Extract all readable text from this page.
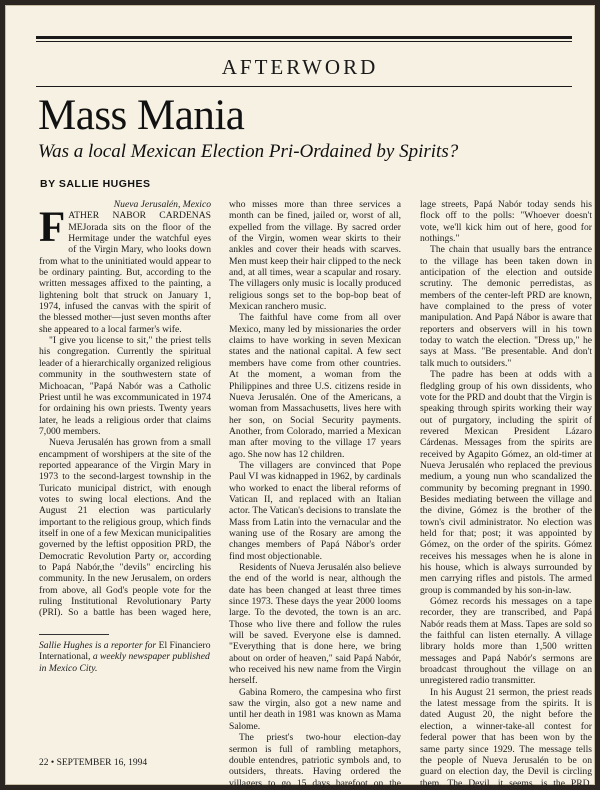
AFTERWORD
Mass Mania
Was a local Mexican Election Pri-Ordained by Spirits?
BY SALLIE HUGHES
Nueva Jerusalén, Mexico

FATHER NABOR CARDENAS MEJorada sits on the floor of the Hermitage under the watchful eyes of the Virgin Mary, who looks down from what to the uninitiated would appear to be ordinary painting. But, according to the written messages affixed to the painting, a lightening bolt that struck on January 1, 1974, infused the canvas with the spirit of the blessed mother—just seven months after she appeared to a local farmer's wife.

"I give you license to sit," the priest tells his congregation. Currently the spiritual leader of a hierarchically organized religious community in the southwestern state of Michoacan, "Papá Nabór was a Catholic Priest until he was excommunicated in 1974 for ordaining his own priests. Twenty years later, he leads a religious order that claims 7,000 members.

Nueva Jerusalén has grown from a small encampment of worshipers at the site of the reported appearance of the Virgin Mary in 1973 to the second-largest township in the Turicato municipal district, with enough votes to swing local elections. And the August 21 election was particularly important to the religious group, which finds itself in one of a few Mexican municipalities governed by the leftist opposition PRD, the Democratic Revolution Party or, according to Papá Nabór,the "devils" encircling his community. In the new Jerusalem, on orders from above, all God's people vote for the ruling Institutional Revolutionary Party (PRI). So a battle has been waged here,

Sallie Hughes is a reporter for El Financiero International, a weekly newspaper published in Mexico City.

who misses more than three services a month can be fined, jailed or, worst of all, expelled from the village. By sacred order of the Virgin, women wear skirts to their ankles and cover their heads with scarves. Men must keep their hair clipped to the neck and, at all times, wear a scapular and rosary. The villagers only music is locally produced religious songs set to the bop-bop beat of Mexican ranchero music.

The faithful have come from all over Mexico, many led by missionaries the order claims to have working in seven Mexican states and the national capital. A few sect members have come from other countries. At the moment, a woman from the Philippines and three U.S. citizens reside in Nueva Jerusalén. One of the Americans, a woman from Massachusetts, lives here with her son, on Social Security payments. Another, from Colorado, married a Mexican man after moving to the village 17 years ago. She now has 12 children.

The villagers are convinced that Pope Paul VI was kidnapped in 1962, by cardinals who worked to enact the liberal reforms of Vatican II, and replaced with an Italian actor. The Vatican's decisions to translate the Mass from Latin into the vernacular and the waning use of the Rosary are among the changes members of Papá Nábor's order find most objectionable.

Residents of Nueva Jerusalén also believe the end of the world is near, although the date has been changed at least three times since 1973. These days the year 2000 looms large. To the devoted, the town is an arc. Those who live there and follow the rules will be saved. Everyone else is damned. "Everything that is done here, we bring about on order of heaven," said Papá Nabór, who received his new name from the Virgin herself.

Gabina Romero, the campesina who first saw the virgin, also got a new name and until her death in 1981 was known as Mama Salome.

The priest's two-hour election-day sermon is full of rambling metaphors, double entendres, patriotic symbols and, to outsiders, threats. Having ordered the villagers to go 15 days barefoot on the

lage streets, Papá Nabór today sends his flock off to the polls: "Whoever doesn't vote, we'll kick him out of here, good for nothings."

The chain that usually bars the entrance to the village has been taken down in anticipation of the election and outside scrutiny. The demonic perredistas, as members of the center-left PRD are known, have complained to the press of voter manipulation. And Papá Nábor is aware that reporters and observers will in his town today to watch the election. "Dress up," he says at Mass. "Be presentable. And don't talk much to outsiders."

The padre has been at odds with a fledgling group of his own dissidents, who vote for the PRD and doubt that the Virgin is speaking through spirits working their way out of purgatory, including the spirit of revered Mexican President Lázaro Cárdenas. Messages from the spirits are received by Agapito Gómez, an old-timer at Nueva Jerusalén who replaced the previous medium, a young nun who scandalized the community by becoming pregnant in 1990. Besides mediating between the village and the divine, Gómez is the brother of the town's civil administrator. No election was held for that; post; it was appointed by Gómez, on the order of the spirits. Gómez receives his messages when he is alone in his house, which is always surrounded by men carrying rifles and pistols. The armed group is commanded by his son-in-law.

Gómez records his messages on a tape recorder, they are transcribed, and Papá Nabór reads them at Mass. Tapes are sold so the faithful can listen eternally. A village library holds more than 1,500 written messages and Papá Nabór's sermons are broadcast throughout the village on an unregistered radio transmitter.

In his August 21 sermon, the priest reads the latest message from the spirits. It is dated August 20, the night before the election, a winner-take-all contest for federal power that has been won by the same party since 1929. The message tells the people of Nueva Jerusalén to be on guard on election day, the Devil is circling them. The Devil, it seems, is the PRD.

22 • SEPTEMBER 16, 1994
